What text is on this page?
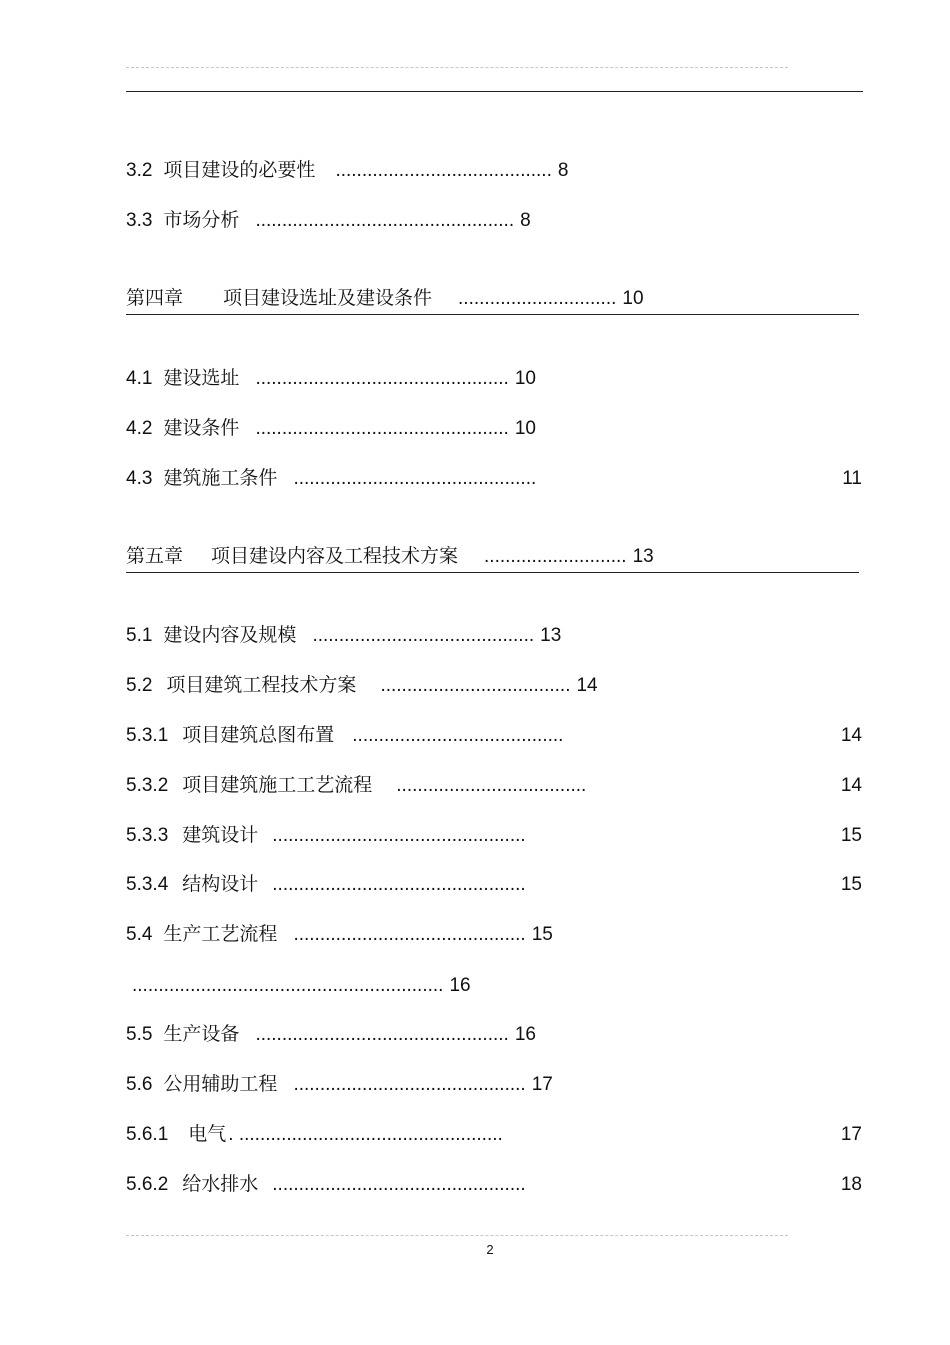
3.2 项目建设的必要性 ......................................... 8
3.3 市场分析 ................................................. 8
第四章 项目建设选址及建设条件 .............................. 10
4.1 建设选址 ................................................ 10
4.2 建设条件 ................................................ 10
4.3 建筑施工条件 ..............................................	11
第五章 项目建设内容及工程技术方案 ........................... 13
5.1 建设内容及规模 .......................................... 13
5.2 项目建筑工程技术方案 .................................... 14
5.3.1 项目建筑总图布置 ........................................	14
5.3.2 项目建筑施工工艺流程 ....................................	14
5.3.3 建筑设计 ................................................	15
5.3.4 结构设计 ................................................	15
5.4 生产工艺流程 ............................................ 15
........................................................... 16
5.5 生产设备 ................................................ 16
5.6 公用辅助工程 ............................................ 17
5.6.1 电气 . ..................................................	17
5.6.2 给水排水 ................................................	18
2
